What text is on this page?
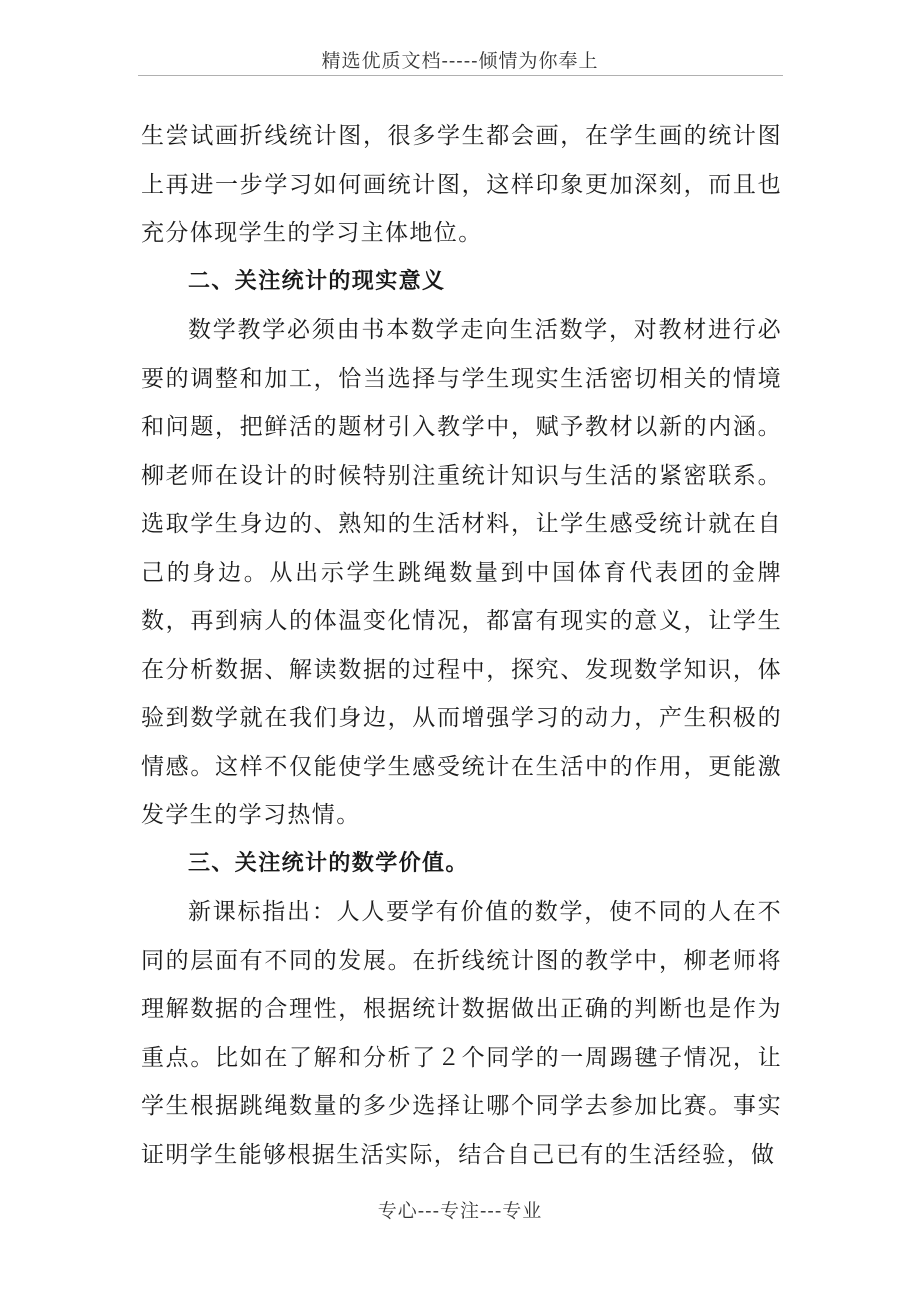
精选优质文档-----倾情为你奉上

生尝试画折线统计图，很多学生都会画，在学生画的统计图上再进一步学习如何画统计图，这样印象更加深刻，而且也充分体现学生的学习主体地位。

二、关注统计的现实意义

数学教学必须由书本数学走向生活数学，对教材进行必要的调整和加工，恰当选择与学生现实生活密切相关的情境和问题，把鲜活的题材引入教学中，赋予教材以新的内涵。柳老师在设计的时候特别注重统计知识与生活的紧密联系。选取学生身边的、熟知的生活材料，让学生感受统计就在自己的身边。从出示学生跳绳数量到中国体育代表团的金牌数，再到病人的体温变化情况，都富有现实的意义，让学生在分析数据、解读数据的过程中，探究、发现数学知识，体验到数学就在我们身边，从而增强学习的动力，产生积极的情感。这样不仅能使学生感受统计在生活中的作用，更能激发学生的学习热情。

三、关注统计的数学价值。

新课标指出：人人要学有价值的数学，使不同的人在不同的层面有不同的发展。在折线统计图的教学中，柳老师将理解数据的合理性，根据统计数据做出正确的判断也是作为重点。比如在了解和分析了２个同学的一周踢毽子情况，让学生根据跳绳数量的多少选择让哪个同学去参加比赛。事实证明学生能够根据生活实际，结合自己已有的生活经验，做

专心---专注---专业
